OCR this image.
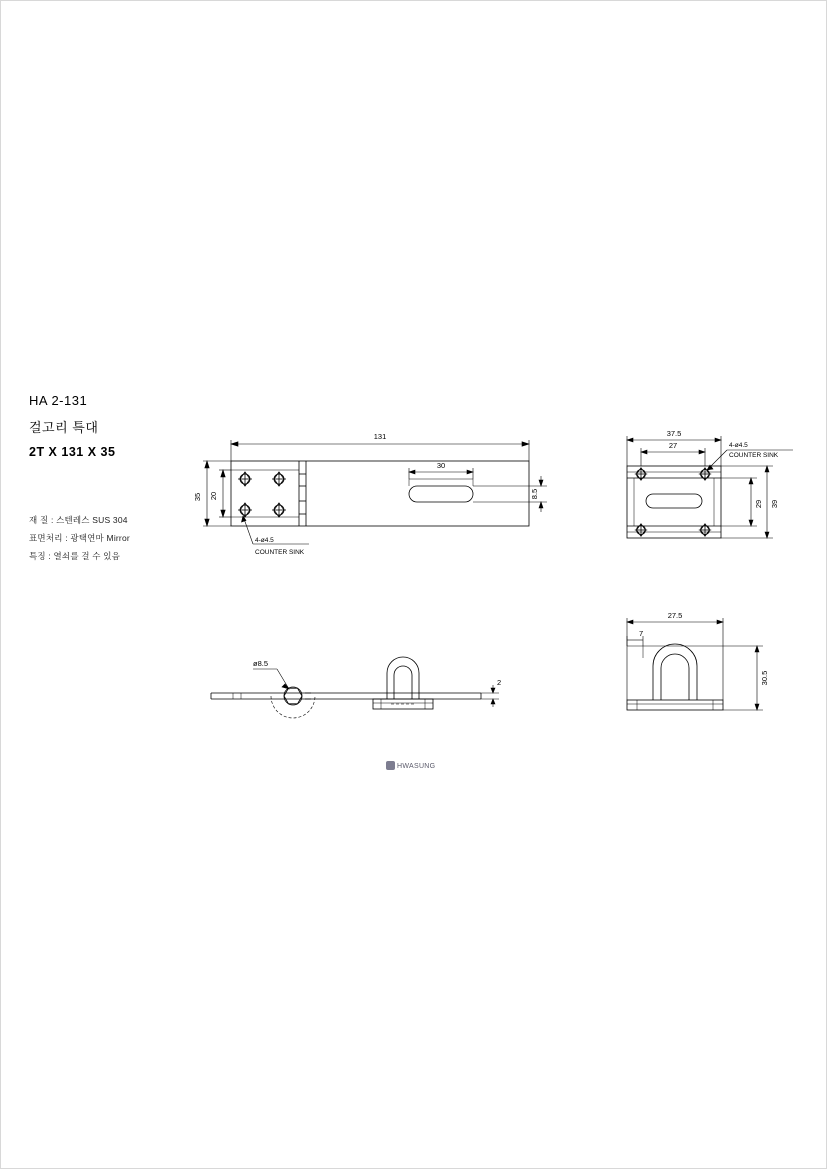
HA 2-131
걸고리 특대
2T X 131 X 35
재 질 : 스텐레스 SUS 304
표면처리 : 광택연마 Mirror
특징 : 열쇠를 걸 수 있음
131
35 20
30
8.5
4-ø4.5
COUNTER SINK
37.5
27
39
29
4-ø4.5
COUNTER SINK
ø8.5
2
27.5
7
30.5
HWASUNG
